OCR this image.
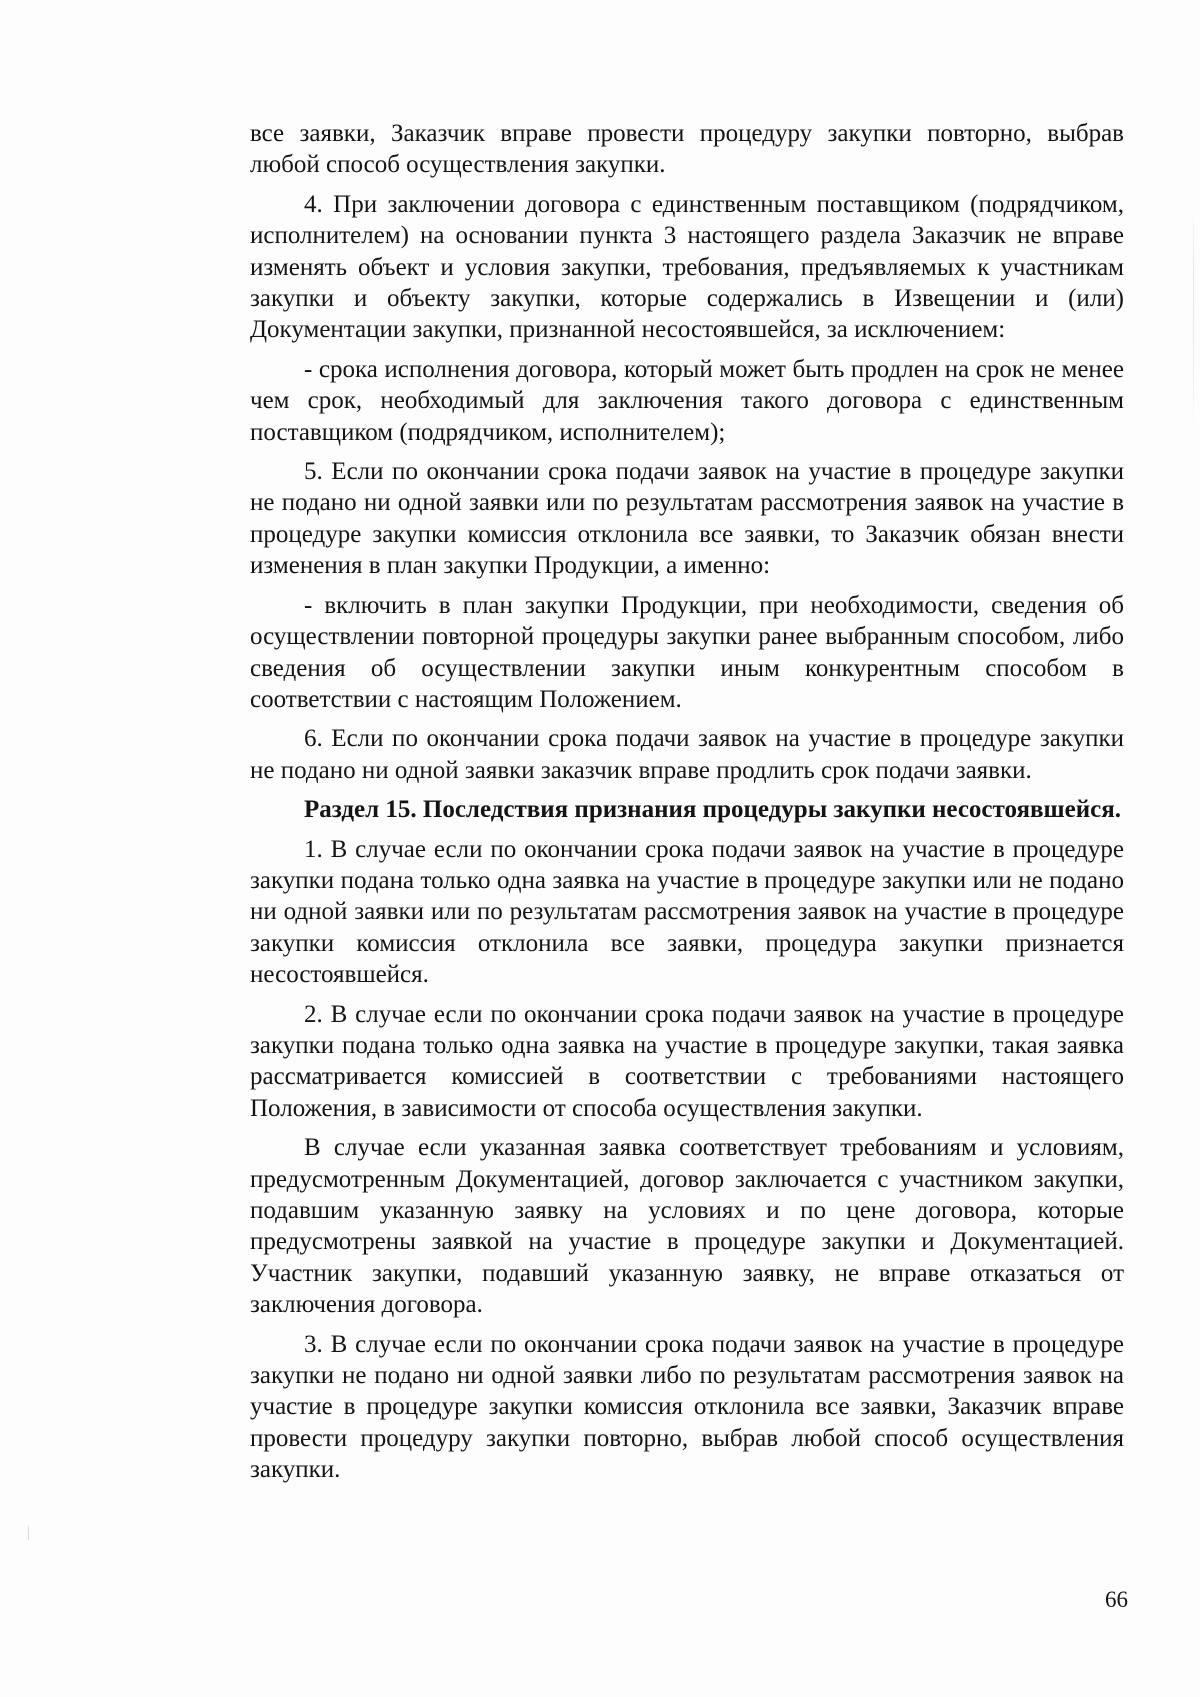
все заявки, Заказчик вправе провести процедуру закупки повторно, выбрав любой способ осуществления закупки.

4. При заключении договора с единственным поставщиком (подрядчиком, исполнителем) на основании пункта 3 настоящего раздела Заказчик не вправе изменять объект и условия закупки, требования, предъявляемых к участникам закупки и объекту закупки, которые содержались в Извещении и (или) Документации закупки, признанной несостоявшейся, за исключением:

- срока исполнения договора, который может быть продлен на срок не менее чем срок, необходимый для заключения такого договора с единственным поставщиком (подрядчиком, исполнителем);

5. Если по окончании срока подачи заявок на участие в процедуре закупки не подано ни одной заявки или по результатам рассмотрения заявок на участие в процедуре закупки комиссия отклонила все заявки, то Заказчик обязан внести изменения в план закупки Продукции, а именно:

- включить в план закупки Продукции, при необходимости, сведения об осуществлении повторной процедуры закупки ранее выбранным способом, либо сведения об осуществлении закупки иным конкурентным способом в соответствии с настоящим Положением.

6. Если по окончании срока подачи заявок на участие в процедуре закупки не подано ни одной заявки заказчик вправе продлить срок подачи заявки.

Раздел 15. Последствия признания процедуры закупки несостоявшейся.

1. В случае если по окончании срока подачи заявок на участие в процедуре закупки подана только одна заявка на участие в процедуре закупки или не подано ни одной заявки или по результатам рассмотрения заявок на участие в процедуре закупки комиссия отклонила все заявки, процедура закупки признается несостоявшейся.

2. В случае если по окончании срока подачи заявок на участие в процедуре закупки подана только одна заявка на участие в процедуре закупки, такая заявка рассматривается комиссией в соответствии с требованиями настоящего Положения, в зависимости от способа осуществления закупки.

В случае если указанная заявка соответствует требованиям и условиям, предусмотренным Документацией, договор заключается с участником закупки, подавшим указанную заявку на условиях и по цене договора, которые предусмотрены заявкой на участие в процедуре закупки и Документацией. Участник закупки, подавший указанную заявку, не вправе отказаться от заключения договора.

3. В случае если по окончании срока подачи заявок на участие в процедуре закупки не подано ни одной заявки либо по результатам рассмотрения заявок на участие в процедуре закупки комиссия отклонила все заявки, Заказчик вправе провести процедуру закупки повторно, выбрав любой способ осуществления закупки.

66
